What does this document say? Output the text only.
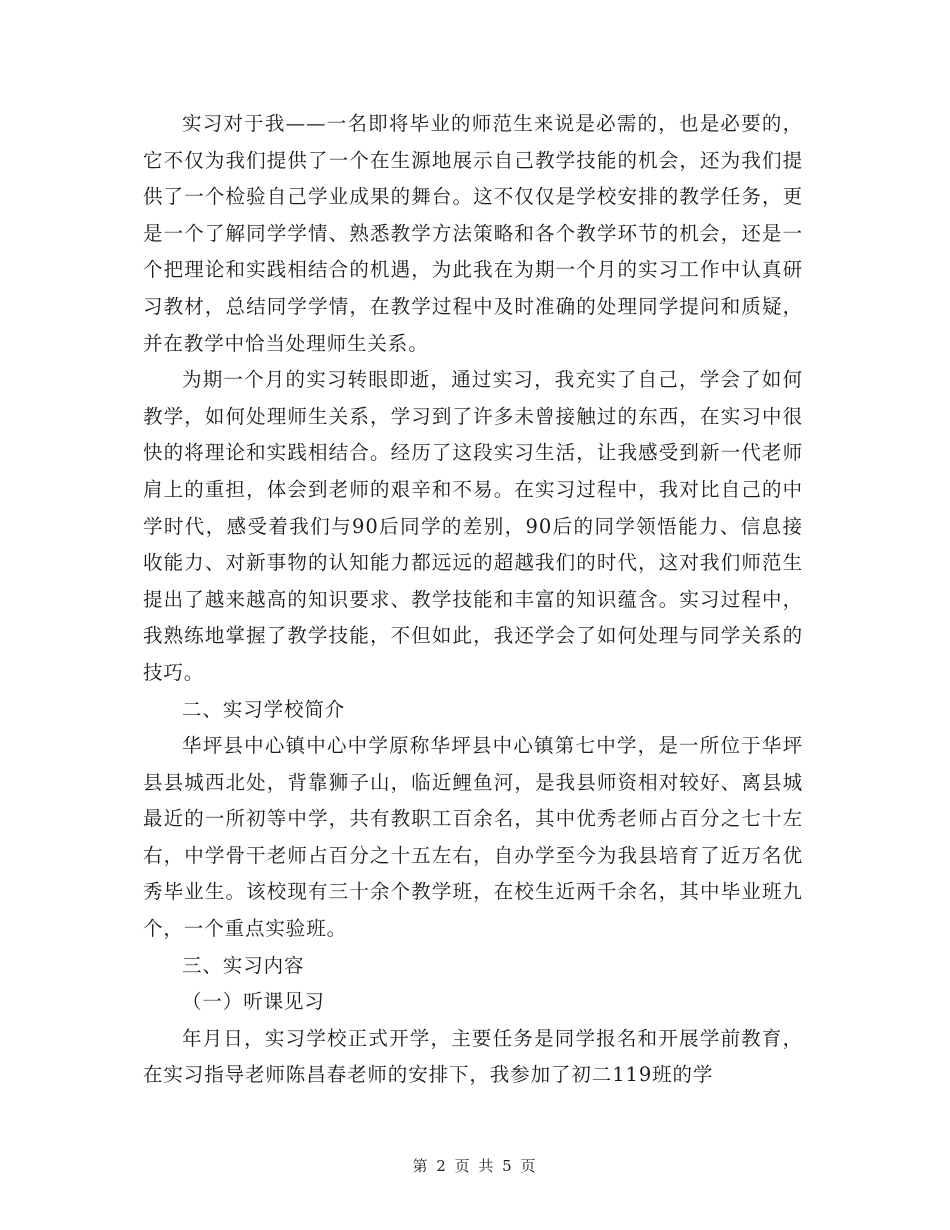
实习对于我——一名即将毕业的师范生来说是必需的，也是必要的，它不仅为我们提供了一个在生源地展示自己教学技能的机会，还为我们提供了一个检验自己学业成果的舞台。这不仅仅是学校安排的教学任务，更是一个了解同学学情、熟悉教学方法策略和各个教学环节的机会，还是一个把理论和实践相结合的机遇，为此我在为期一个月的实习工作中认真研习教材，总结同学学情，在教学过程中及时准确的处理同学提问和质疑，并在教学中恰当处理师生关系。

为期一个月的实习转眼即逝，通过实习，我充实了自己，学会了如何教学，如何处理师生关系，学习到了许多未曾接触过的东西，在实习中很快的将理论和实践相结合。经历了这段实习生活，让我感受到新一代老师肩上的重担，体会到老师的艰辛和不易。在实习过程中，我对比自己的中学时代，感受着我们与90后同学的差别，90后的同学领悟能力、信息接收能力、对新事物的认知能力都远远的超越我们的时代，这对我们师范生提出了越来越高的知识要求、教学技能和丰富的知识蕴含。实习过程中，我熟练地掌握了教学技能，不但如此，我还学会了如何处理与同学关系的技巧。

二、实习学校简介

华坪县中心镇中心中学原称华坪县中心镇第七中学，是一所位于华坪县县城西北处，背靠狮子山，临近鲤鱼河，是我县师资相对较好、离县城最近的一所初等中学，共有教职工百余名，其中优秀老师占百分之七十左右，中学骨干老师占百分之十五左右，自办学至今为我县培育了近万名优秀毕业生。该校现有三十余个教学班，在校生近两千余名，其中毕业班九个，一个重点实验班。

三、实习内容

（一）听课见习

年月日，实习学校正式开学，主要任务是同学报名和开展学前教育，在实习指导老师陈昌春老师的安排下，我参加了初二119班的学

第 2 页 共 5 页
